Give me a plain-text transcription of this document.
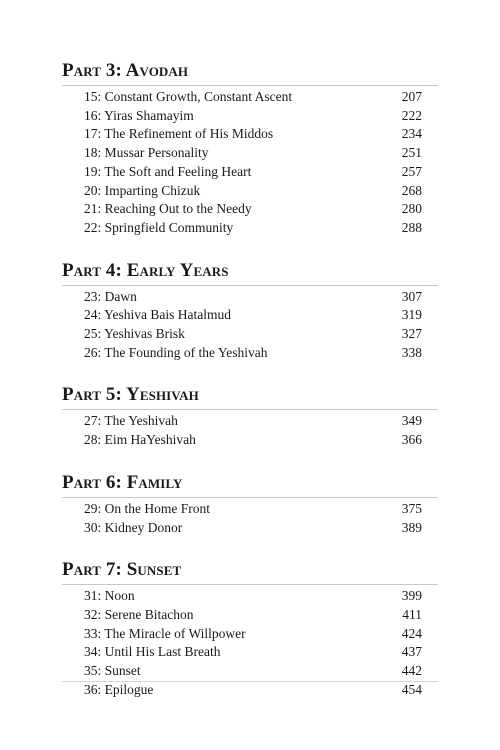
Part 3: Avodah
15: Constant Growth, Constant Ascent	207
16: Yiras Shamayim	222
17: The Refinement of His Middos	234
18: Mussar Personality	251
19: The Soft and Feeling Heart	257
20: Imparting Chizuk	268
21: Reaching Out to the Needy	280
22: Springfield Community	288
Part 4: Early Years
23: Dawn	307
24: Yeshiva Bais Hatalmud	319
25: Yeshivas Brisk	327
26: The Founding of the Yeshivah	338
Part 5: Yeshivah
27: The Yeshivah	349
28: Eim HaYeshivah	366
Part 6: Family
29: On the Home Front	375
30: Kidney Donor	389
Part 7: Sunset
31: Noon	399
32: Serene Bitachon	411
33: The Miracle of Willpower	424
34: Until His Last Breath	437
35: Sunset	442
36: Epilogue	454
